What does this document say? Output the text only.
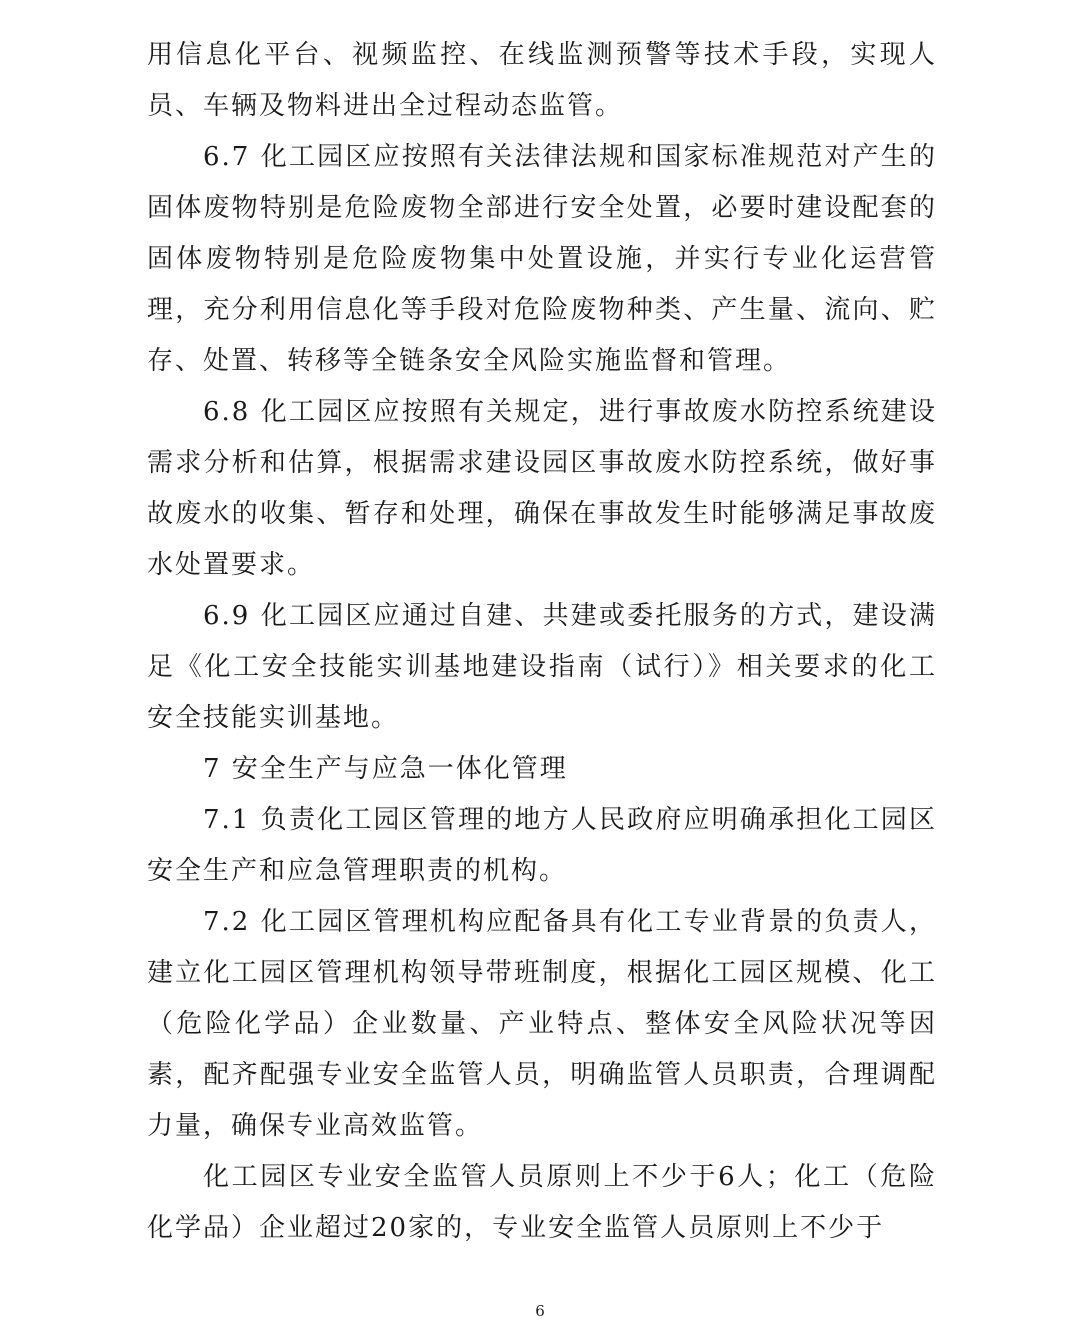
用信息化平台、视频监控、在线监测预警等技术手段，实现人员、车辆及物料进出全过程动态监管。

6.7 化工园区应按照有关法律法规和国家标准规范对产生的固体废物特别是危险废物全部进行安全处置，必要时建设配套的固体废物特别是危险废物集中处置设施，并实行专业化运营管理，充分利用信息化等手段对危险废物种类、产生量、流向、贮存、处置、转移等全链条安全风险实施监督和管理。

6.8 化工园区应按照有关规定，进行事故废水防控系统建设需求分析和估算，根据需求建设园区事故废水防控系统，做好事故废水的收集、暂存和处理，确保在事故发生时能够满足事故废水处置要求。

6.9 化工园区应通过自建、共建或委托服务的方式，建设满足《化工安全技能实训基地建设指南（试行）》相关要求的化工安全技能实训基地。

7 安全生产与应急一体化管理

7.1 负责化工园区管理的地方人民政府应明确承担化工园区安全生产和应急管理职责的机构。

7.2 化工园区管理机构应配备具有化工专业背景的负责人，建立化工园区管理机构领导带班制度，根据化工园区规模、化工（危险化学品）企业数量、产业特点、整体安全风险状况等因素，配齐配强专业安全监管人员，明确监管人员职责，合理调配力量，确保专业高效监管。

化工园区专业安全监管人员原则上不少于6人；化工（危险化学品）企业超过20家的，专业安全监管人员原则上不少于

6
